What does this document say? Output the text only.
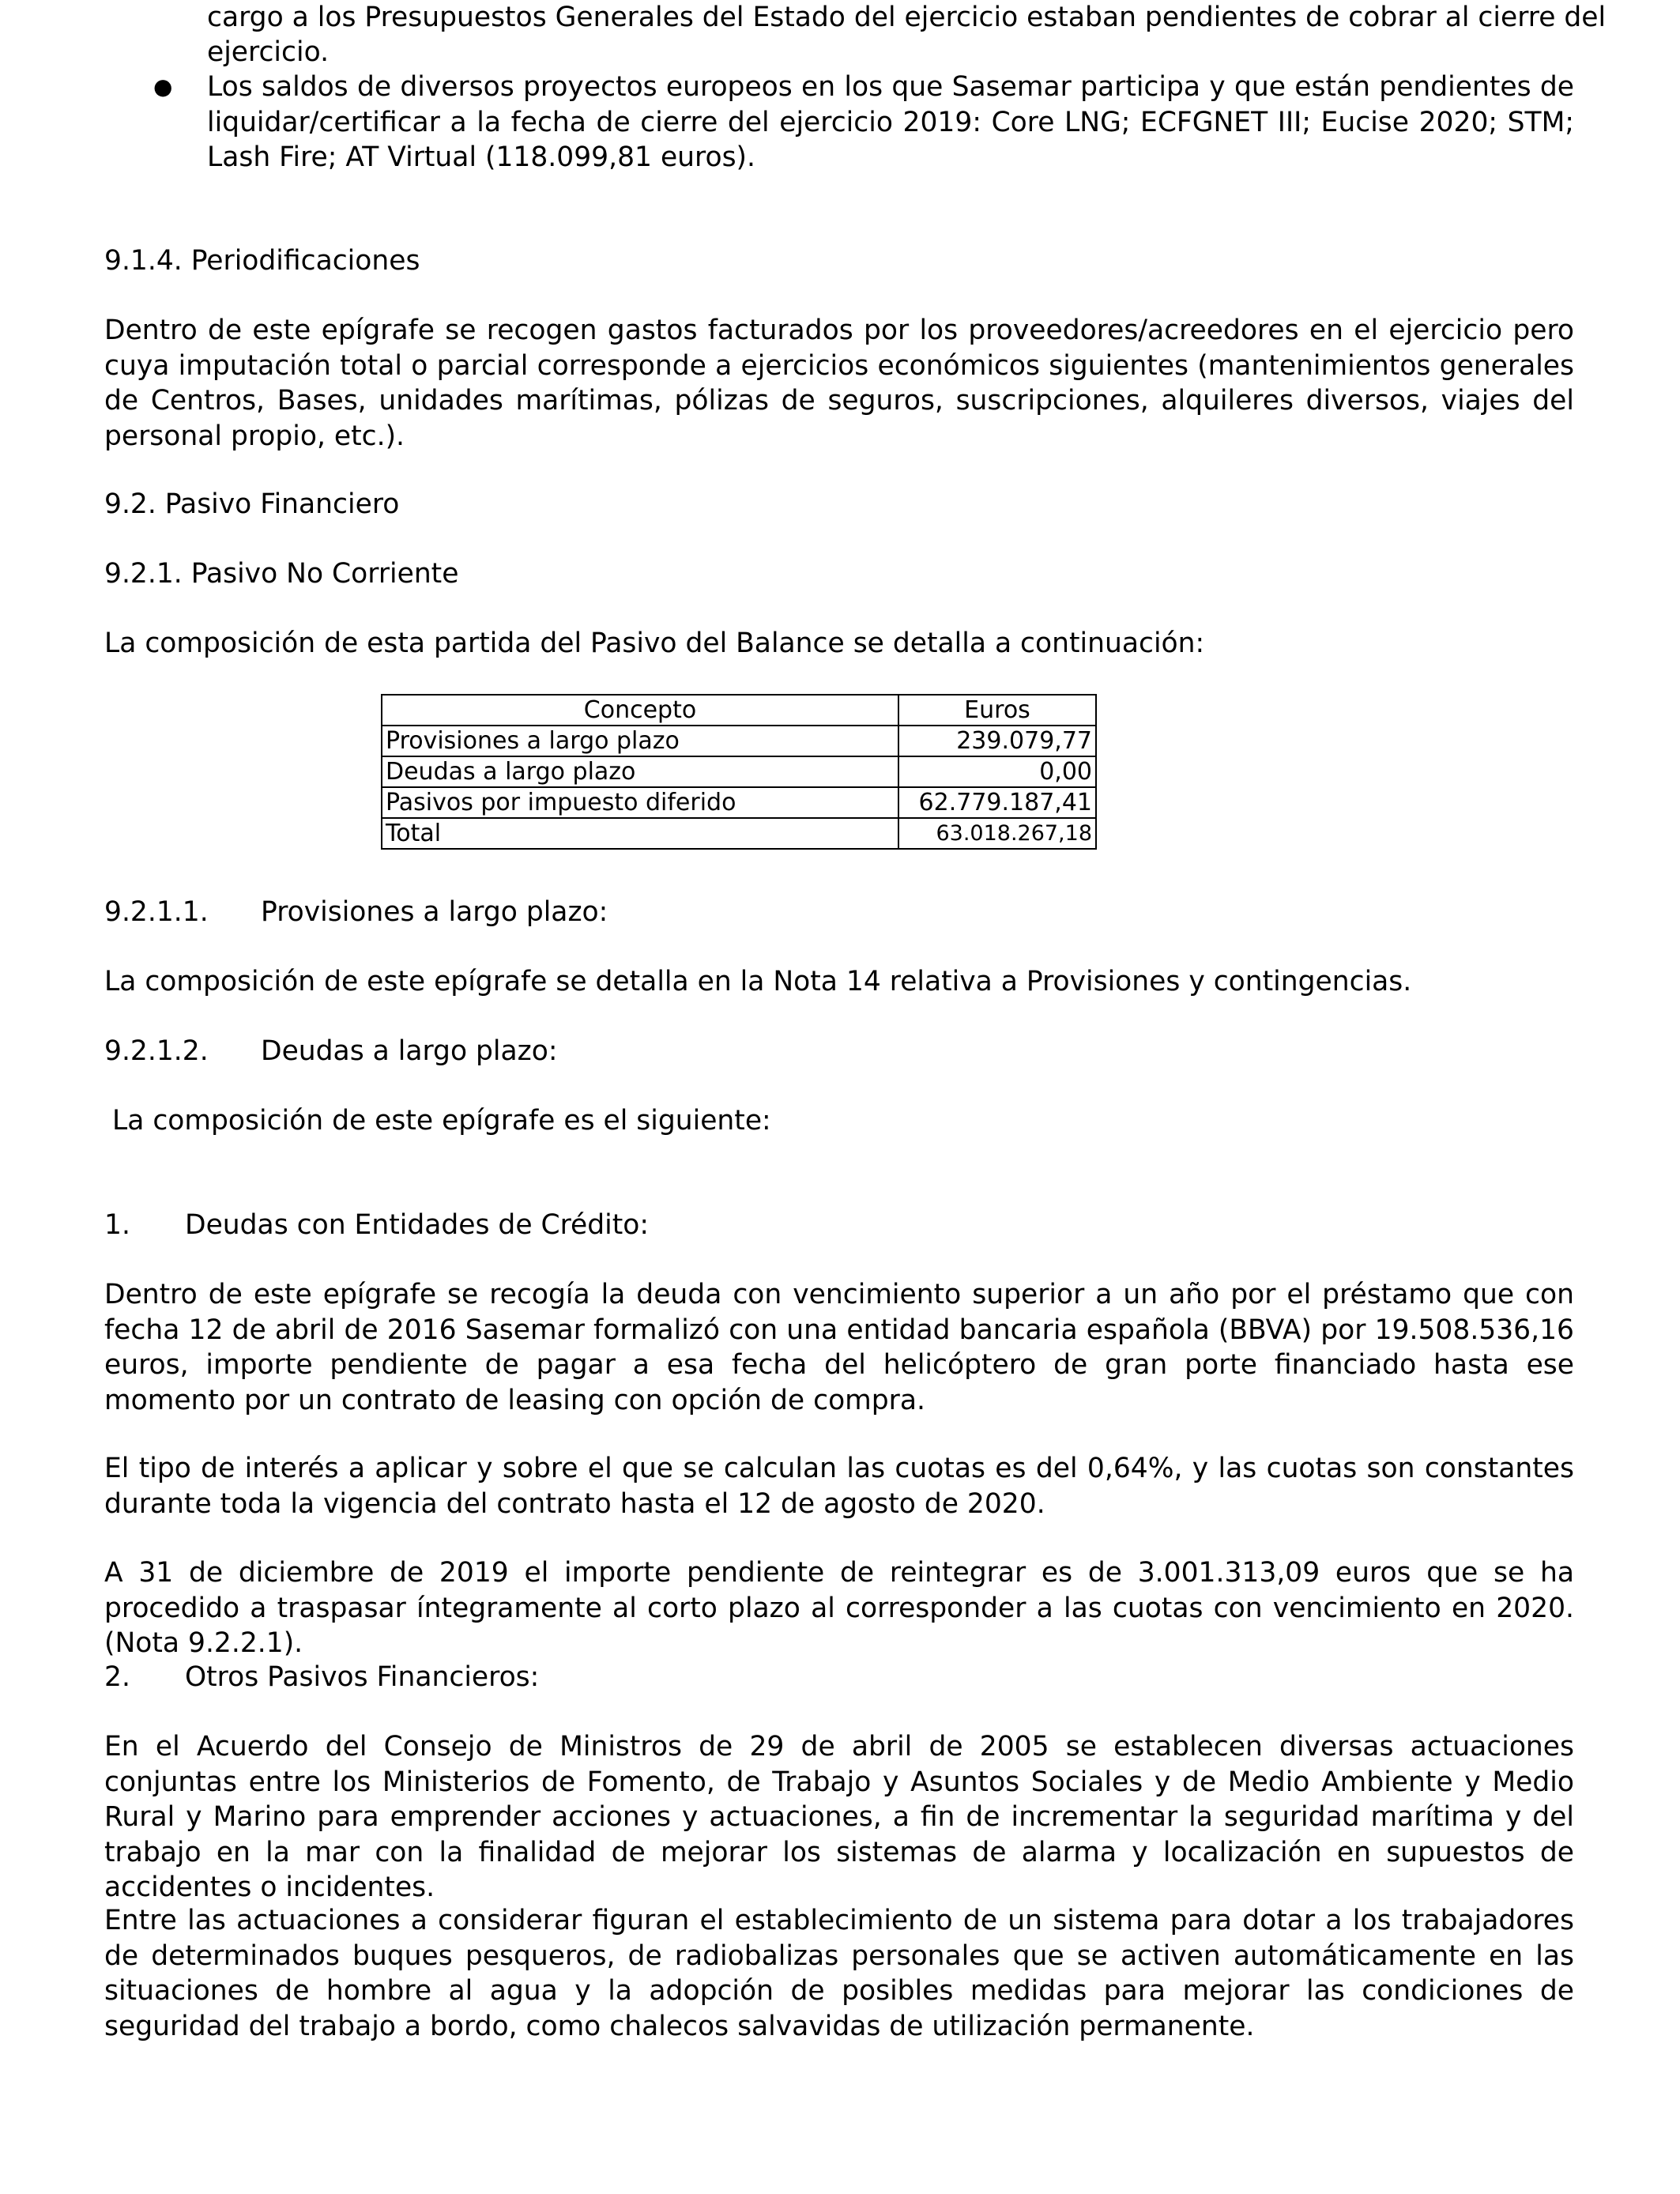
cargo a los Presupuestos Generales del Estado del ejercicio estaban pendientes de cobrar al cierre del
ejercicio.
● Los saldos de diversos proyectos europeos en los que Sasemar participa y que están pendientes de liquidar/certificar a la fecha de cierre del ejercicio 2019: Core LNG; ECFGNET III; Eucise 2020; STM; Lash Fire; AT Virtual (118.099,81 euros).
9.1.4. Periodificaciones
Dentro de este epígrafe se recogen gastos facturados por los proveedores/acreedores en el ejercicio pero cuya imputación total o parcial corresponde a ejercicios económicos siguientes (mantenimientos generales de Centros, Bases, unidades marítimas, pólizas de seguros, suscripciones, alquileres diversos, viajes del personal propio, etc.).
9.2. Pasivo Financiero
9.2.1. Pasivo No Corriente
La composición de esta partida del Pasivo del Balance se detalla a continuación:
9.2.1.1. Provisiones a largo plazo:
La composición de este epígrafe se detalla en la Nota 14 relativa a Provisiones y contingencias.
9.2.1.2. Deudas a largo plazo:
La composición de este epígrafe es el siguiente:
1. Deudas con Entidades de Crédito:
Dentro de este epígrafe se recogía la deuda con vencimiento superior a un año por el préstamo que con fecha 12 de abril de 2016 Sasemar formalizó con una entidad bancaria española (BBVA) por 19.508.536,16 euros, importe pendiente de pagar a esa fecha del helicóptero de gran porte financiado hasta ese momento por un contrato de leasing con opción de compra.
El tipo de interés a aplicar y sobre el que se calculan las cuotas es del 0,64%, y las cuotas son constantes durante toda la vigencia del contrato hasta el 12 de agosto de 2020.
A 31 de diciembre de 2019 el importe pendiente de reintegrar es de 3.001.313,09 euros que se ha procedido a traspasar íntegramente al corto plazo al corresponder a las cuotas con vencimiento en 2020. (Nota 9.2.2.1).
2. Otros Pasivos Financieros:
En el Acuerdo del Consejo de Ministros de 29 de abril de 2005 se establecen diversas actuaciones conjuntas entre los Ministerios de Fomento, de Trabajo y Asuntos Sociales y de Medio Ambiente y Medio Rural y Marino para emprender acciones y actuaciones, a fin de incrementar la seguridad marítima y del trabajo en la mar con la finalidad de mejorar los sistemas de alarma y localización en supuestos de accidentes o incidentes.
Entre las actuaciones a considerar figuran el establecimiento de un sistema para dotar a los trabajadores de determinados buques pesqueros, de radiobalizas personales que se activen automáticamente en las situaciones de hombre al agua y la adopción de posibles medidas para mejorar las condiciones de seguridad del trabajo a bordo, como chalecos salvavidas de utilización permanente.
Concepto	Euros
Provisiones a largo plazo	239.079,77
Deudas a largo plazo	0,00
Pasivos por impuesto diferido	62.779.187,41
Total	63.018.267,18
